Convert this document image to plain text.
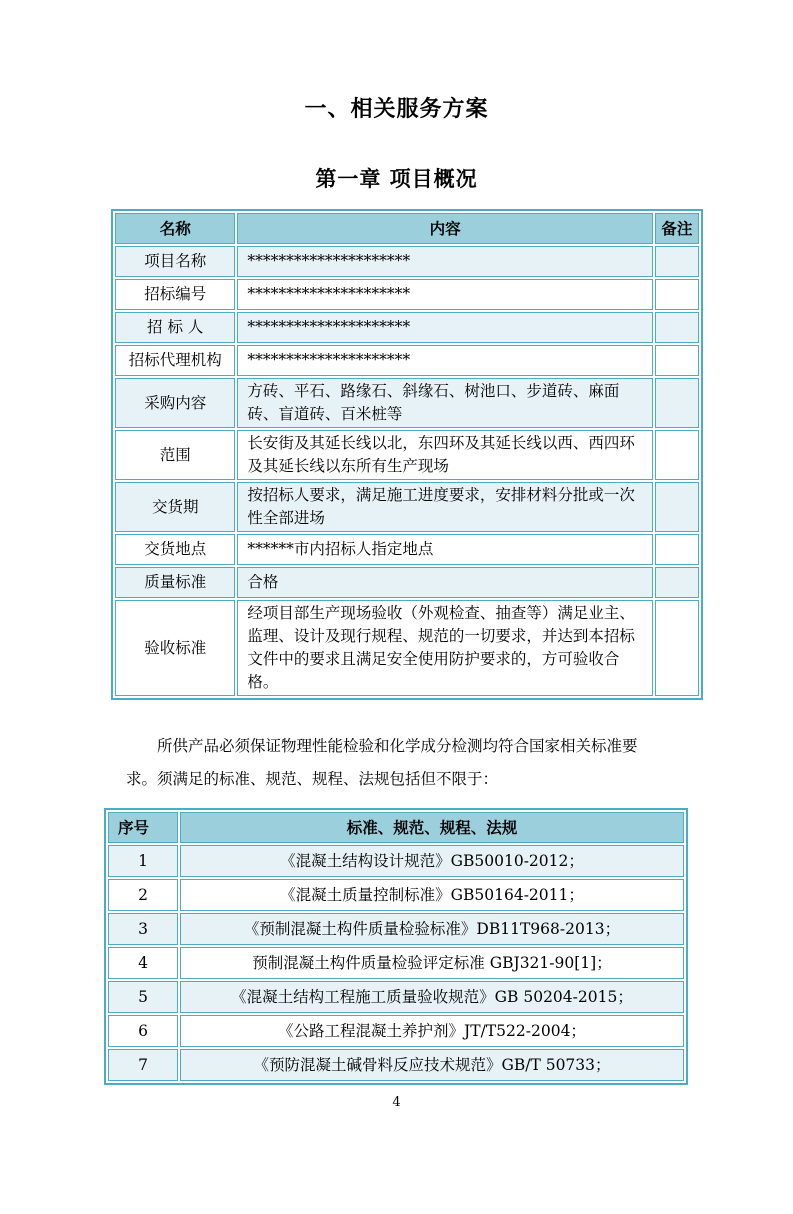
一、相关服务方案
第一章 项目概况
名称	内容	备注
项目名称	*********************	
招标编号	*********************	
招 标 人	*********************	
招标代理机构	*********************	
采购内容	方砖、平石、路缘石、斜缘石、树池口、步道砖、麻面砖、盲道砖、百米桩等	
范围	长安街及其延长线以北，东四环及其延长线以西、西四环及其延长线以东所有生产现场	
交货期	按招标人要求，满足施工进度要求，安排材料分批或一次性全部进场	
交货地点	******市内招标人指定地点	
质量标准	合格	
验收标准	经项目部生产现场验收（外观检查、抽查等）满足业主、监理、设计及现行规程、规范的一切要求，并达到本招标文件中的要求且满足安全使用防护要求的，方可验收合格。	

所供产品必须保证物理性能检验和化学成分检测均符合国家相关标准要求。须满足的标准、规范、规程、法规包括但不限于：

序号	标准、规范、规程、法规
1	《混凝土结构设计规范》GB50010-2012；
2	《混凝土质量控制标准》GB50164-2011；
3	《预制混凝土构件质量检验标准》DB11T968-2013；
4	预制混凝土构件质量检验评定标准 GBJ321-90[1]；
5	《混凝土结构工程施工质量验收规范》GB 50204-2015；
6	《公路工程混凝土养护剂》JT/T522-2004；
7	《预防混凝土碱骨料反应技术规范》GB/T 50733；
4
